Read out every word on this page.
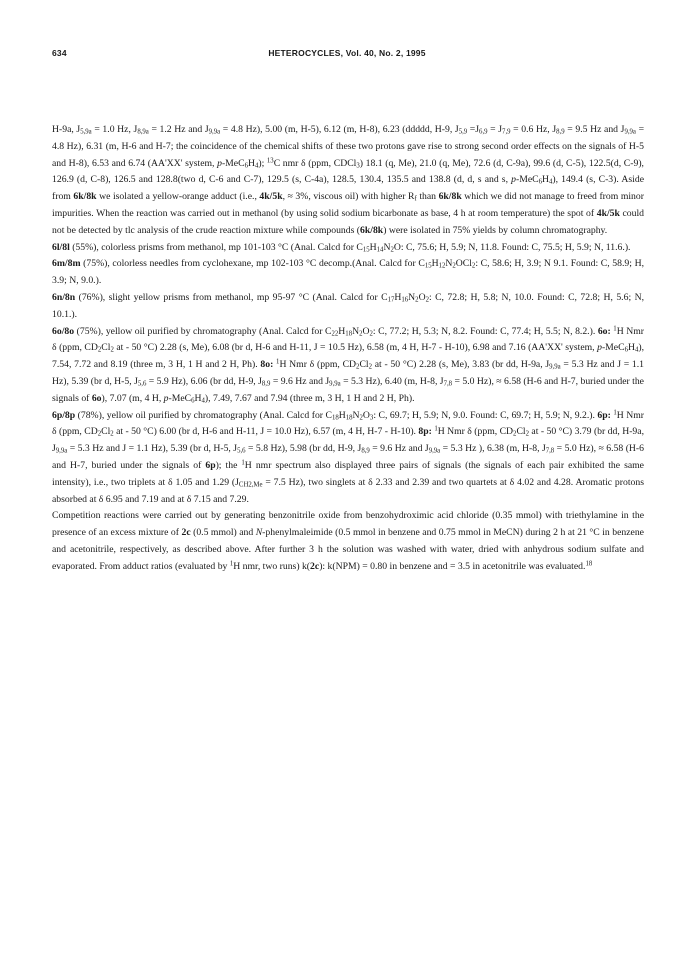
634	HETEROCYCLES, Vol. 40, No. 2, 1995

H-9a, $J_{5,9a} = 1.0$ Hz, $J_{8,9a} = 1.2$ Hz and $J_{9,9a} = 4.8$ Hz), 5.00 (m, H-5), 6.12 (m, H-8), 6.23 (ddddd, H-9, $J_{5,9} =J_{6,9} = J_{7,9} = 0.6$ Hz, $J_{8,9} = 9.5$ Hz and $J_{9,9a} = 4.8$ Hz), 6.31 (m, H-6 and H-7; the coincidence of the chemical shifts of these two protons gave rise to strong second order effects on the signals of H-5 and H-8), 6.53 and 6.74 (AA'XX' system, $p-MeC_6H_4$); $^{13}$C nmr δ (ppm, CDCl$_3$) 18.1 (q, Me), 21.0 (q, Me), 72.6 (d, C-9a), 99.6 (d, C-5), 122.5(d, C-9), 126.9 (d, C-8), 126.5 and 128.8(two d, C-6 and C-7), 129.5 (s, C-4a), 128.5, 130.4, 135.5 and 138.8 (d, d, s and s, $p-MeC_6H_4$), 149.4 (s, C-3). Aside from 6k/8k we isolated a yellow-orange adduct (i.e., 4k/5k, ≈ 3%, viscous oil) with higher $R_f$ than 6k/8k which we did not manage to freed from minor impurities. When the reaction was carried out in methanol (by using solid sodium bicarbonate as base, 4 h at room temperature) the spot of 4k/5k could not be detected by tlc analysis of the crude reaction mixture while compounds (6k/8k) were isolated in 75% yields by column chromatography.

6l/8l (55%), colorless prisms from methanol, mp 101-103 °C (Anal. Calcd for $C_{15}H_{14}N_2O$: C, 75.6; H, 5.9; N, 11.8. Found: C, 75.5; H, 5.9; N, 11.6.).

6m/8m (75%), colorless needles from cyclohexane, mp 102-103 °C decomp.(Anal. Calcd for $C_{15}H_{12}N_2OCl_2$: C, 58.6; H, 3.9; N 9.1. Found: C, 58.9; H, 3.9; N, 9.0.).

6n/8n (76%), slight yellow prisms from methanol, mp 95-97 °C (Anal. Calcd for $C_{17}H_{16}N_2O_2$: C, 72.8; H, 5.8; N, 10.0. Found: C, 72.8; H, 5.6; N, 10.1.).

6o/8o (75%), yellow oil purified by chromatography (Anal. Calcd for $C_{22}H_{18}N_2O_2$: C, 77.2; H, 5.3; N, 8.2. Found: C, 77.4; H, 5.5; N, 8.2.). 6o: $^1$H Nmr δ (ppm, $CD_2Cl_2$ at - 50 °C) 2.28 (s, Me), 6.08 (br d, H-6 and H-11, J = 10.5 Hz), 6.58 (m, 4 H, H-7 - H-10), 6.98 and 7.16 (AA'XX' system, $p-MeC_6H_4$), 7.54, 7.72 and 8.19 (three m, 3 H, 1 H and 2 H, Ph). 8o: $^1$H Nmr δ (ppm, $CD_2Cl_2$ at - 50 °C) 2.28 (s, Me), 3.83 (br dd, H-9a, $J_{9,9a} = 5.3$ Hz and J = 1.1 Hz), 5.39 (br d, H-5, $J_{5,6} = 5.9$ Hz), 6.06 (br dd, H-9, $J_{8,9} = 9.6$ Hz and $J_{9,9a} = 5.3$ Hz), 6.40 (m, H-8, $J_{7,8} = 5.0$ Hz), ≈ 6.58 (H-6 and H-7, buried under the signals of 6o), 7.07 (m, 4 H, $p-MeC_6H_4$), 7.49, 7.67 and 7.94 (three m, 3 H, 1 H and 2 H, Ph).

6p/8p (78%), yellow oil purified by chromatography (Anal. Calcd for $C_{18}H_{18}N_2O_3$: C, 69.7; H, 5.9; N, 9.0. Found: C, 69.7; H, 5.9; N, 9.2.). 6p: $^1$H Nmr δ (ppm, $CD_2Cl_2$ at - 50 °C) 6.00 (br d, H-6 and H-11, J = 10.0 Hz), 6.57 (m, 4 H, H-7 - H-10). 8p: $^1$H Nmr δ (ppm, $CD_2Cl_2$ at - 50 °C) 3.79 (br dd, H-9a, $J_{9,9a} = 5.3$ Hz and J = 1.1 Hz), 5.39 (br d, H-5, $J_{5,6} = 5.8$ Hz), 5.98 (br dd, H-9, $J_{8,9} = 9.6$ Hz and $J_{9,9a} = 5.3$ Hz ), 6.38 (m, H-8, $J_{7,8} = 5.0$ Hz), ≈ 6.58 (H-6 and H-7, buried under the signals of 6p); the $^1$H nmr spectrum also displayed three pairs of signals (the signals of each pair exhibited the same intensity), i.e., two triplets at δ 1.05 and 1.29 ($J_{CH2,Me} = 7.5$ Hz), two singlets at δ 2.33 and 2.39 and two quartets at δ 4.02 and 4.28. Aromatic protons absorbed at δ 6.95 and 7.19 and at δ 7.15 and 7.29.

Competition reactions were carried out by generating benzonitrile oxide from benzohydroximic acid chloride (0.35 mmol) with triethylamine in the presence of an excess mixture of 2c (0.5 mmol) and N-phenylmaleimide (0.5 mmol in benzene and 0.75 mmol in MeCN) during 2 h at 21 °C in benzene and acetonitrile, respectively, as described above. After further 3 h the solution was washed with water, dried with anhydrous sodium sulfate and evaporated. From adduct ratios (evaluated by $^1$H nmr, two runs) k(2c): k(NPM) = 0.80 in benzene and = 3.5 in acetonitrile was evaluated.$^{18}$
